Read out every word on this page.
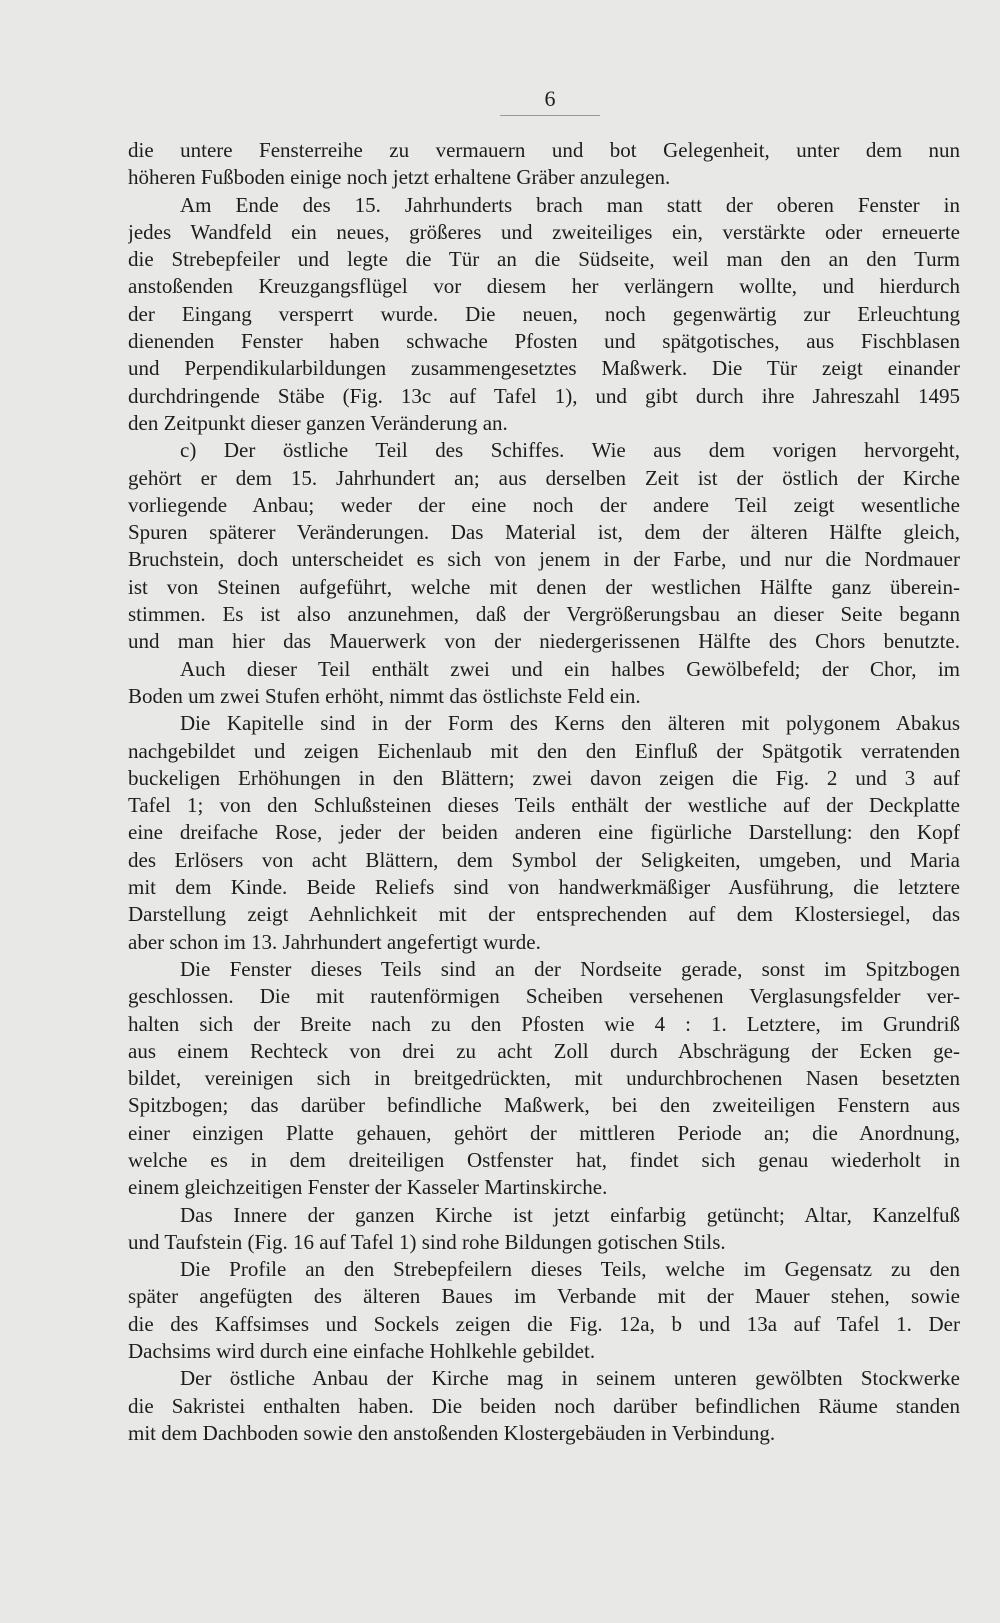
6
die untere Fensterreihe zu vermauern und bot Gelegenheit, unter dem nun
höheren Fußboden einige noch jetzt erhaltene Gräber anzulegen.
Am Ende des 15. Jahrhunderts brach man statt der oberen Fenster in
jedes Wandfeld ein neues, größeres und zweiteiliges ein, verstärkte oder erneuerte
die Strebepfeiler und legte die Tür an die Südseite, weil man den an den Turm
anstoßenden Kreuzgangsflügel vor diesem her verlängern wollte, und hierdurch
der Eingang versperrt wurde. Die neuen, noch gegenwärtig zur Erleuchtung
dienenden Fenster haben schwache Pfosten und spätgotisches, aus Fischblasen
und Perpendikularbildungen zusammengesetztes Maßwerk. Die Tür zeigt einander
durchdringende Stäbe (Fig. 13c auf Tafel 1), und gibt durch ihre Jahreszahl 1495
den Zeitpunkt dieser ganzen Veränderung an.
c) Der östliche Teil des Schiffes. Wie aus dem vorigen hervorgeht,
gehört er dem 15. Jahrhundert an; aus derselben Zeit ist der östlich der Kirche
vorliegende Anbau; weder der eine noch der andere Teil zeigt wesentliche
Spuren späterer Veränderungen. Das Material ist, dem der älteren Hälfte gleich,
Bruchstein, doch unterscheidet es sich von jenem in der Farbe, und nur die Nordmauer
ist von Steinen aufgeführt, welche mit denen der westlichen Hälfte ganz überein-
stimmen. Es ist also anzunehmen, daß der Vergrößerungsbau an dieser Seite begann
und man hier das Mauerwerk von der niedergerissenen Hälfte des Chors benutzte.
Auch dieser Teil enthält zwei und ein halbes Gewölbefeld; der Chor, im
Boden um zwei Stufen erhöht, nimmt das östlichste Feld ein.
Die Kapitelle sind in der Form des Kerns den älteren mit polygonem Abakus
nachgebildet und zeigen Eichenlaub mit den den Einfluß der Spätgotik verratenden
buckeligen Erhöhungen in den Blättern; zwei davon zeigen die Fig. 2 und 3 auf
Tafel 1; von den Schlußsteinen dieses Teils enthält der westliche auf der Deckplatte
eine dreifache Rose, jeder der beiden anderen eine figürliche Darstellung: den Kopf
des Erlösers von acht Blättern, dem Symbol der Seligkeiten, umgeben, und Maria
mit dem Kinde. Beide Reliefs sind von handwerkmäßiger Ausführung, die letztere
Darstellung zeigt Aehnlichkeit mit der entsprechenden auf dem Klostersiegel, das
aber schon im 13. Jahrhundert angefertigt wurde.
Die Fenster dieses Teils sind an der Nordseite gerade, sonst im Spitzbogen
geschlossen. Die mit rautenförmigen Scheiben versehenen Verglasungsfelder ver-
halten sich der Breite nach zu den Pfosten wie 4 : 1. Letztere, im Grundriß
aus einem Rechteck von drei zu acht Zoll durch Abschrägung der Ecken ge-
bildet, vereinigen sich in breitgedrückten, mit undurchbrochenen Nasen besetzten
Spitzbogen; das darüber befindliche Maßwerk, bei den zweiteiligen Fenstern aus
einer einzigen Platte gehauen, gehört der mittleren Periode an; die Anordnung,
welche es in dem dreiteiligen Ostfenster hat, findet sich genau wiederholt in
einem gleichzeitigen Fenster der Kasseler Martinskirche.
Das Innere der ganzen Kirche ist jetzt einfarbig getüncht; Altar, Kanzelfuß
und Taufstein (Fig. 16 auf Tafel 1) sind rohe Bildungen gotischen Stils.
Die Profile an den Strebepfeilern dieses Teils, welche im Gegensatz zu den
später angefügten des älteren Baues im Verbande mit der Mauer stehen, sowie
die des Kaffsimses und Sockels zeigen die Fig. 12a, b und 13a auf Tafel 1. Der
Dachsims wird durch eine einfache Hohlkehle gebildet.
Der östliche Anbau der Kirche mag in seinem unteren gewölbten Stockwerke
die Sakristei enthalten haben. Die beiden noch darüber befindlichen Räume standen
mit dem Dachboden sowie den anstoßenden Klostergebäuden in Verbindung.
